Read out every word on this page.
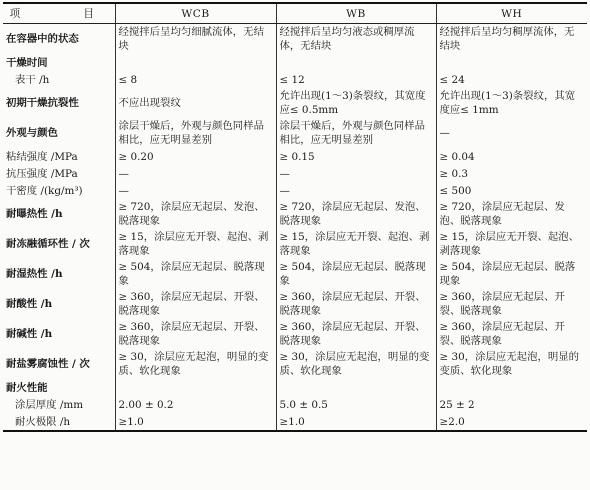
项　　目	WCB	WB	WH
在容器中的状态	经搅拌后呈均匀细腻流体，无结块	经搅拌后呈均匀液态或稠厚流体，无结块	经搅拌后呈均匀稠厚流体，无结块
干燥时间			
表干 /h	≤ 8	≤ 12	≤ 24
初期干燥抗裂性	不应出现裂纹	允许出现(1～3)条裂纹，其宽度应≤ 0.5mm	允许出现(1～3)条裂纹，其宽度应≤ 1mm
外观与颜色	涂层干燥后，外观与颜色同样品相比，应无明显差别	涂层干燥后，外观与颜色同样品相比，应无明显差别	—
粘结强度 /MPa	≥ 0.20	≥ 0.15	≥ 0.04
抗压强度 /MPa	—	—	≥ 0.3
干密度 /(kg/m³)	—	—	≤ 500
耐曝热性 /h	≥ 720，涂层应无起层、发泡、脱落现象	≥ 720，涂层应无起层、发泡、脱落现象	≥ 720，涂层应无起层、发泡、脱落现象
耐冻融循环性 / 次	≥ 15，涂层应无开裂、起泡、剥落现象	≥ 15，涂层应无开裂、起泡、剥落现象	≥ 15，涂层应无开裂、起泡、剥落现象
耐湿热性 /h	≥ 504，涂层应无起层、脱落现象	≥ 504，涂层应无起层、脱落现象	≥ 504，涂层应无起层、脱落现象
耐酸性 /h	≥ 360，涂层应无起层、开裂、脱落现象	≥ 360，涂层应无起层、开裂、脱落现象	≥ 360，涂层应无起层、开裂、脱落现象
耐碱性 /h	≥ 360，涂层应无起层、开裂、脱落现象	≥ 360，涂层应无起层、开裂、脱落现象	≥ 360，涂层应无起层、开裂、脱落现象
耐盐雾腐蚀性 / 次	≥ 30，涂层应无起泡，明显的变质、软化现象	≥ 30，涂层应无起泡，明显的变质、软化现象	≥ 30，涂层应无起泡，明显的变质、软化现象
耐火性能			
涂层厚度 /mm	2.00 ± 0.2	5.0 ± 0.5	25 ± 2
耐火极限 /h	≥1.0	≥1.0	≥2.0
